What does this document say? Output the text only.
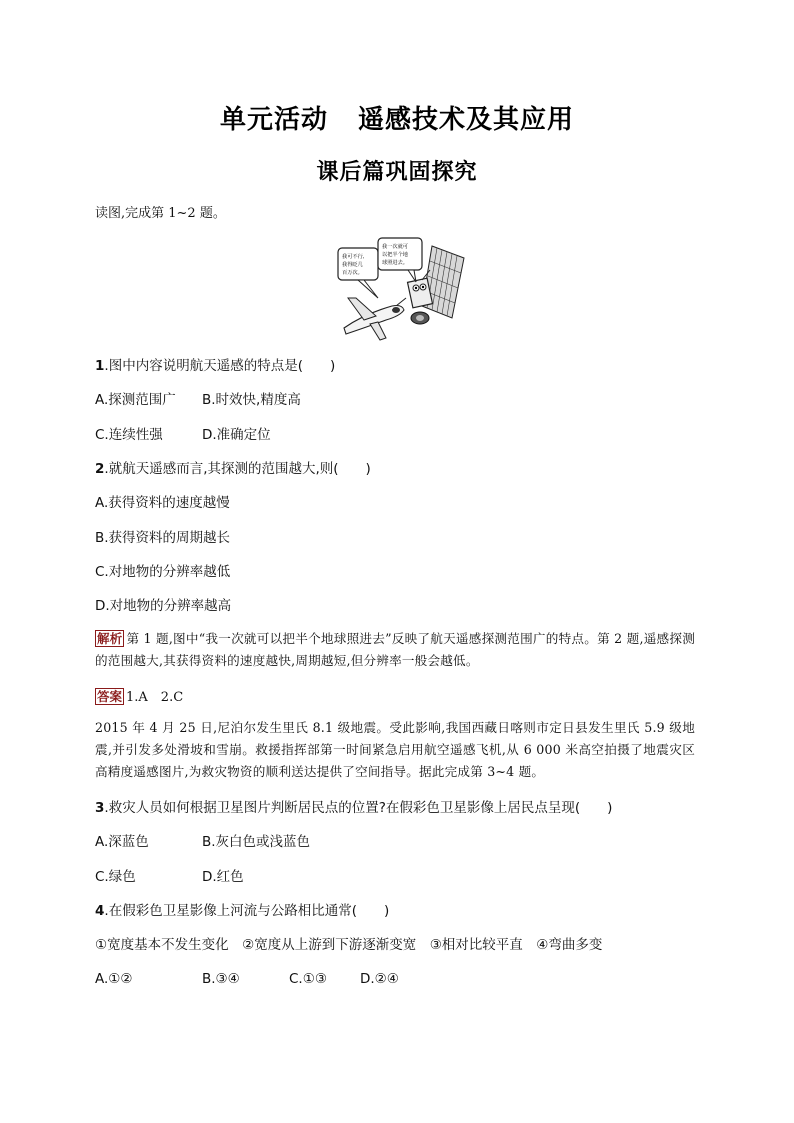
单元活动 遥感技术及其应用
课后篇巩固探究
读图,完成第 1~2 题。
我可不行,
我得眨几
百万次。
我一次就可
以把半个地
球照进去。
1.图中内容说明航天遥感的特点是(　　)
A.探测范围广 B.时效快,精度高
C.连续性强	D.准确定位
2.就航天遥感而言,其探测的范围越大,则(　　)
A.获得资料的速度越慢
B.获得资料的周期越长
C.对地物的分辨率越低
D.对地物的分辨率越高
解析 第 1 题,图中“我一次就可以把半个地球照进去”反映了航天遥感探测范围广的特点。第 2 题,遥感探测的范围越大,其获得资料的速度越快,周期越短,但分辨率一般会越低。
答案 1.A　2.C
2015 年 4 月 25 日,尼泊尔发生里氏 8.1 级地震。受此影响,我国西藏日喀则市定日县发生里氏 5.9 级地震,并引发多处滑坡和雪崩。救援指挥部第一时间紧急启用航空遥感飞机,从 6 000 米高空拍摄了地震灾区高精度遥感图片,为救灾物资的顺利送达提供了空间指导。据此完成第 3~4 题。
3.救灾人员如何根据卫星图片判断居民点的位置?在假彩色卫星影像上居民点呈现(　　)
A.深蓝色	B.灰白色或浅蓝色
C.绿色	D.红色
4.在假彩色卫星影像上河流与公路相比通常(　　)
①宽度基本不发生变化　②宽度从上游到下游逐渐变宽　③相对比较平直　④弯曲多变
A.①②	B.③④	C.①③ D.②④
